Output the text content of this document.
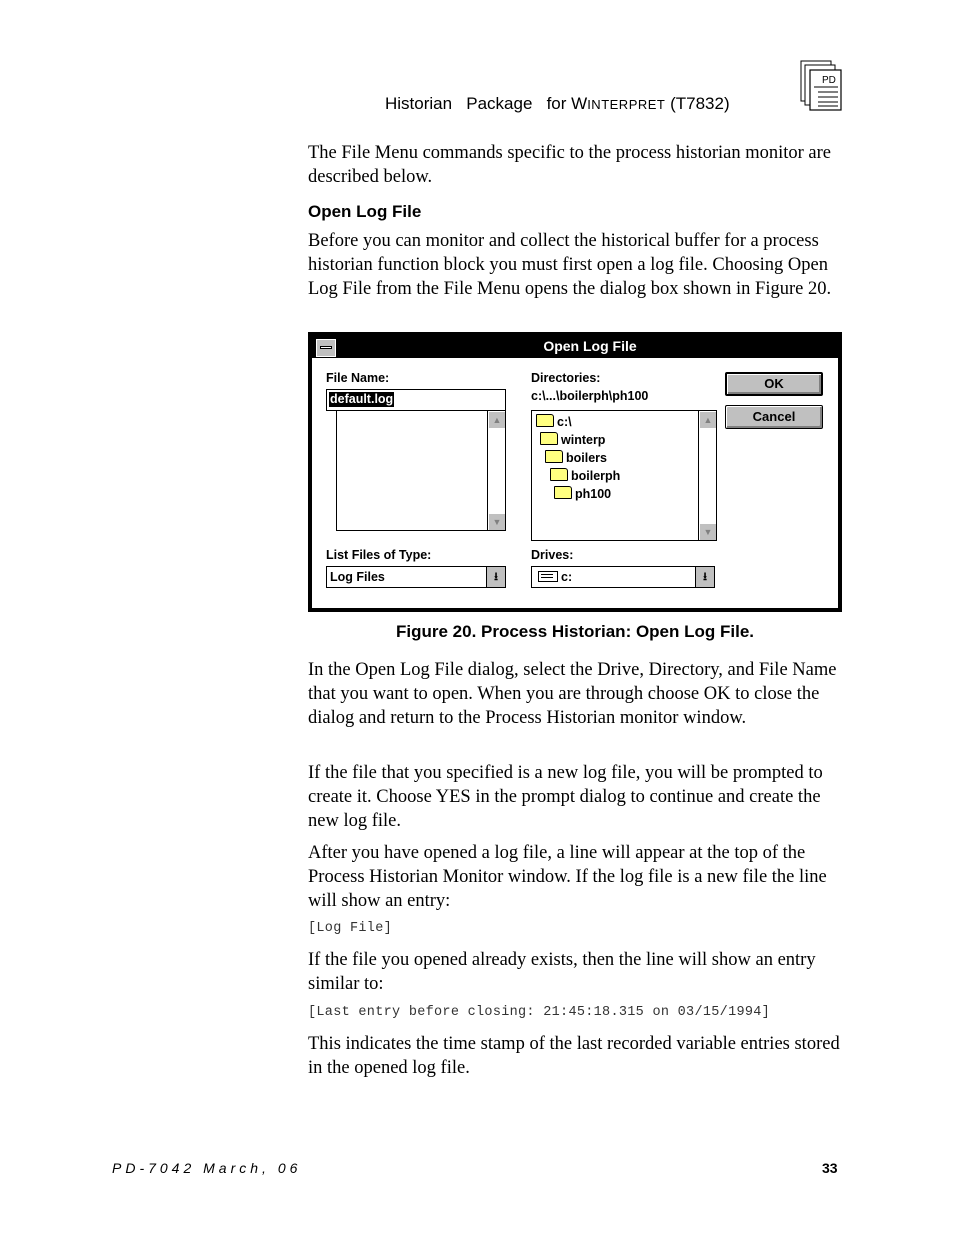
Historian   Package   for WINTERPRET (T7832)
PD

The File Menu commands specific to the process historian monitor are described below.

Open Log File

Before you can monitor and collect the historical buffer for a process historian function block you must first open a log file. Choosing Open Log File from the File Menu opens the dialog box shown in Figure 20.

Open Log File
File Name:
default.log
▲
▼
Directories:
c:\...\boilerph\ph100
c:\
winterp
boilers
boilerph
ph100
▲
▼
OK
Cancel
List Files of Type:
Log Files	⭳
Drives:
c:	⭳
Figure 20. Process Historian: Open Log File.

In the Open Log File dialog, select the Drive, Directory, and File Name that you want to open. When you are through choose OK to close the dialog and return to the Process Historian monitor window.

If the file that you specified is a new log file, you will be prompted to create it. Choose YES in the prompt dialog to continue and create the new log file.

After you have opened a log file, a line will appear at the top of the Process Historian Monitor window. If the log file is a new file the line will show an entry:

[Log File]

If the file you opened already exists, then the line will show an entry similar to:

[Last entry before closing: 21:45:18.315 on 03/15/1994]

This indicates the time stamp of the last recorded variable entries stored in the opened log file.

PD-7042 March, 06	33
